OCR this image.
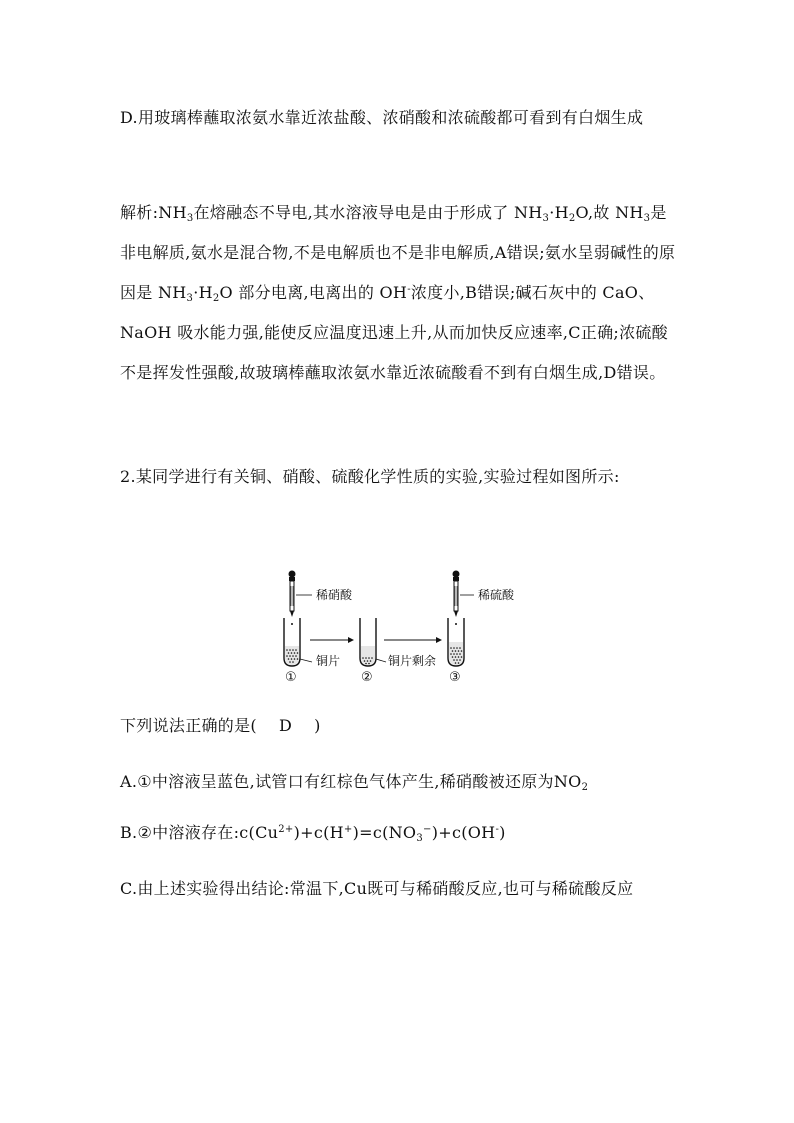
D.用玻璃棒蘸取浓氨水靠近浓盐酸、浓硝酸和浓硫酸都可看到有白烟生成
解析$:NH_3$在熔融态不导电,其水溶液导电是由于形成了 $NH_3\cdot H_2O$,故 $NH_3$是非电解质,氨水是混合物,不是电解质也不是非电解质,A错误;氨水呈弱碱性的原因是 $NH_3\cdot H_2O$ 部分电离,电离出的 OH-浓度小,B错误;碱石灰中的 CaO、NaOH 吸水能力强,能使反应温度迅速上升,从而加快反应速率,C正确;浓硫酸不是挥发性强酸,故玻璃棒蘸取浓氨水靠近浓硫酸看不到有白烟生成,D错误。
2.某同学进行有关铜、硝酸、硫酸化学性质的实验,实验过程如图所示:
稀硝酸
铜片
①	②
铜片剩余
稀硫酸
③
下列说法正确的是( D )
A.①中溶液呈蓝色,试管口有红棕色气体产生,稀硝酸被还原为$NO_2$
B.②中溶液存在$:c(Cu^{2+})+c(H^+)=c(NO_3^-)+c(OH^-)$
C.由上述实验得出结论:常温下,Cu既可与稀硝酸反应,也可与稀硫酸反应
